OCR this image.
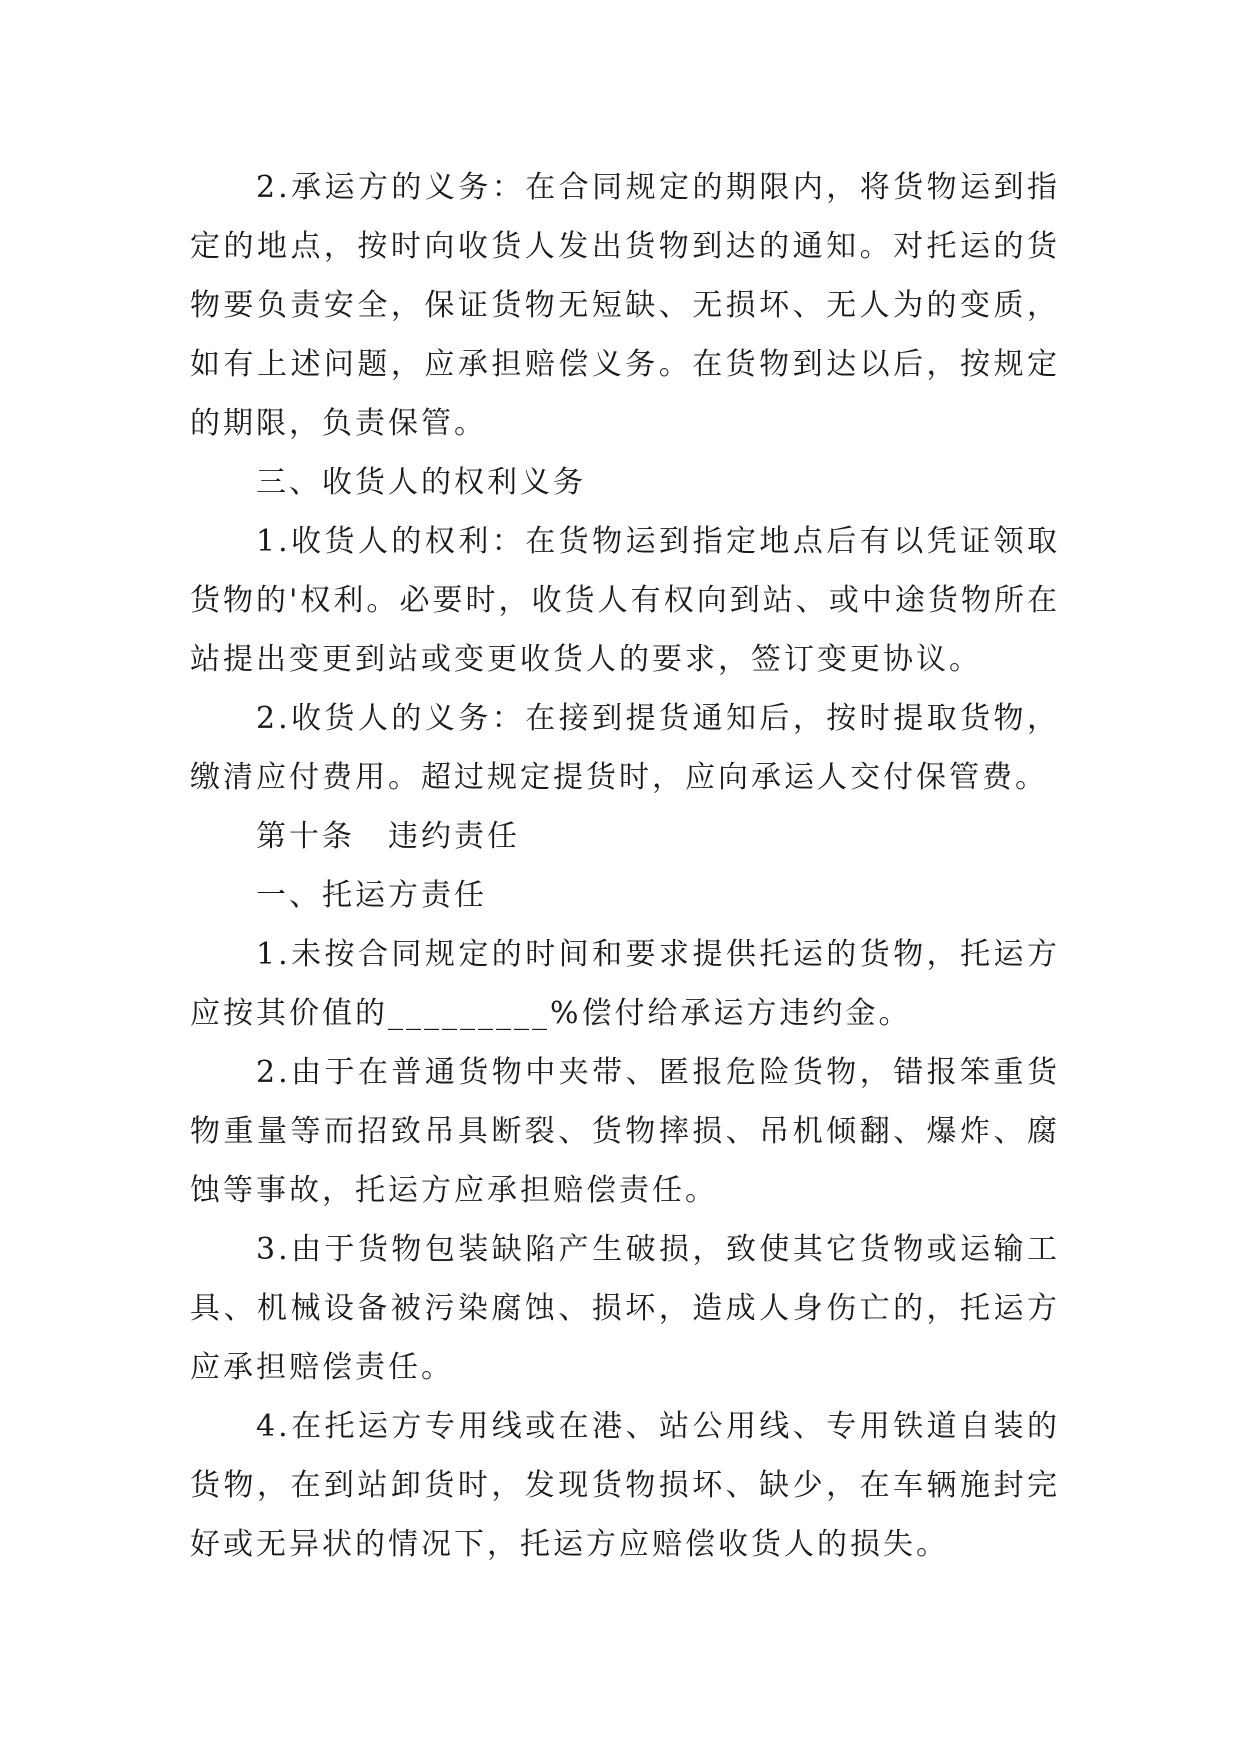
2.承运方的义务：在合同规定的期限内，将货物运到指定的地点，按时向收货人发出货物到达的通知。对托运的货物要负责安全，保证货物无短缺、无损坏、无人为的变质，如有上述问题，应承担赔偿义务。在货物到达以后，按规定的期限，负责保管。

三、收货人的权利义务

1.收货人的权利：在货物运到指定地点后有以凭证领取货物的'权利。必要时，收货人有权向到站、或中途货物所在站提出变更到站或变更收货人的要求，签订变更协议。

2.收货人的义务：在接到提货通知后，按时提取货物，缴清应付费用。超过规定提货时，应向承运人交付保管费。

第十条　违约责任

一、托运方责任

1.未按合同规定的时间和要求提供托运的货物，托运方应按其价值的_________%偿付给承运方违约金。

2.由于在普通货物中夹带、匿报危险货物，错报笨重货物重量等而招致吊具断裂、货物摔损、吊机倾翻、爆炸、腐蚀等事故，托运方应承担赔偿责任。

3.由于货物包装缺陷产生破损，致使其它货物或运输工具、机械设备被污染腐蚀、损坏，造成人身伤亡的，托运方应承担赔偿责任。

4.在托运方专用线或在港、站公用线、专用铁道自装的货物，在到站卸货时，发现货物损坏、缺少，在车辆施封完好或无异状的情况下，托运方应赔偿收货人的损失。
